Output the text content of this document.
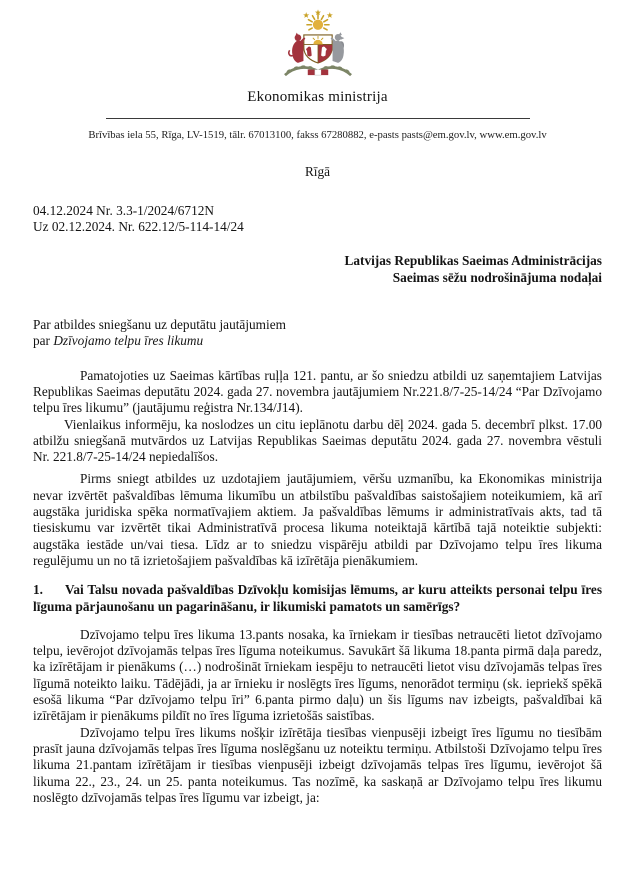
Ekonomikas ministrija
Brīvības iela 55, Rīga, LV-1519, tālr. 67013100, fakss 67280882, e-pasts pasts@em.gov.lv, www.em.gov.lv
Rīgā
04.12.2024 Nr. 3.3-1/2024/6712N
Uz 02.12.2024. Nr. 622.12/5-114-14/24
Latvijas Republikas Saeimas Administrācijas
Saeimas sēžu nodrošinājuma nodaļai
Par atbildes sniegšanu uz deputātu jautājumiem
par Dzīvojamo telpu īres likumu

Pamatojoties uz Saeimas kārtības ruļļa 121. pantu, ar šo sniedzu atbildi uz saņemtajiem Latvijas Republikas Saeimas deputātu 2024. gada 27. novembra jautājumiem Nr.221.8/7-25-14/24 “Par Dzīvojamo telpu īres likumu” (jautājumu reģistra Nr.134/J14).

Vienlaikus informēju, ka noslodzes un citu ieplānotu darbu dēļ 2024. gada 5. decembrī plkst. 17.00 atbilžu sniegšanā mutvārdos uz Latvijas Republikas Saeimas deputātu 2024. gada 27. novembra vēstuli Nr. 221.8/7-25-14/24 nepiedalīšos.

Pirms sniegt atbildes uz uzdotajiem jautājumiem, vēršu uzmanību, ka Ekonomikas ministrija nevar izvērtēt pašvaldības lēmuma likumību un atbilstību pašvaldības saistošajiem noteikumiem, kā arī augstāka juridiska spēka normatīvajiem aktiem. Ja pašvaldības lēmums ir administratīvais akts, tad tā tiesiskumu var izvērtēt tikai Administratīvā procesa likuma noteiktajā kārtībā tajā noteiktie subjekti: augstāka iestāde un/vai tiesa. Līdz ar to sniedzu vispārēju atbildi par Dzīvojamo telpu īres likuma regulējumu un no tā izrietošajiem pašvaldības kā izīrētāja pienākumiem.

1. Vai Talsu novada pašvaldības Dzīvokļu komisijas lēmums, ar kuru atteikts personai telpu īres līguma pārjaunošanu un pagarināšanu, ir likumiski pamatots un samērīgs?

Dzīvojamo telpu īres likuma 13.pants nosaka, ka īrniekam ir tiesības netraucēti lietot dzīvojamo telpu, ievērojot dzīvojamās telpas īres līguma noteikumus. Savukārt šā likuma 18.panta pirmā daļa paredz, ka izīrētājam ir pienākums (…) nodrošināt īrniekam iespēju to netraucēti lietot visu dzīvojamās telpas īres līgumā noteikto laiku. Tādējādi, ja ar īrnieku ir noslēgts īres līgums, nenorādot termiņu (sk. iepriekš spēkā esošā likuma “Par dzīvojamo telpu īri” 6.panta pirmo daļu) un šis līgums nav izbeigts, pašvaldībai kā izīrētājam ir pienākums pildīt no īres līguma izrietošās saistības.

Dzīvojamo telpu īres likums nošķir izīrētāja tiesības vienpusēji izbeigt īres līgumu no tiesībām prasīt jauna dzīvojamās telpas īres līguma noslēgšanu uz noteiktu termiņu. Atbilstoši Dzīvojamo telpu īres likuma 21.pantam izīrētājam ir tiesības vienpusēji izbeigt dzīvojamās telpas īres līgumu, ievērojot šā likuma 22., 23., 24. un 25. panta noteikumus. Tas nozīmē, ka saskaņā ar Dzīvojamo telpu īres likumu noslēgto dzīvojamās telpas īres līgumu var izbeigt, ja:
